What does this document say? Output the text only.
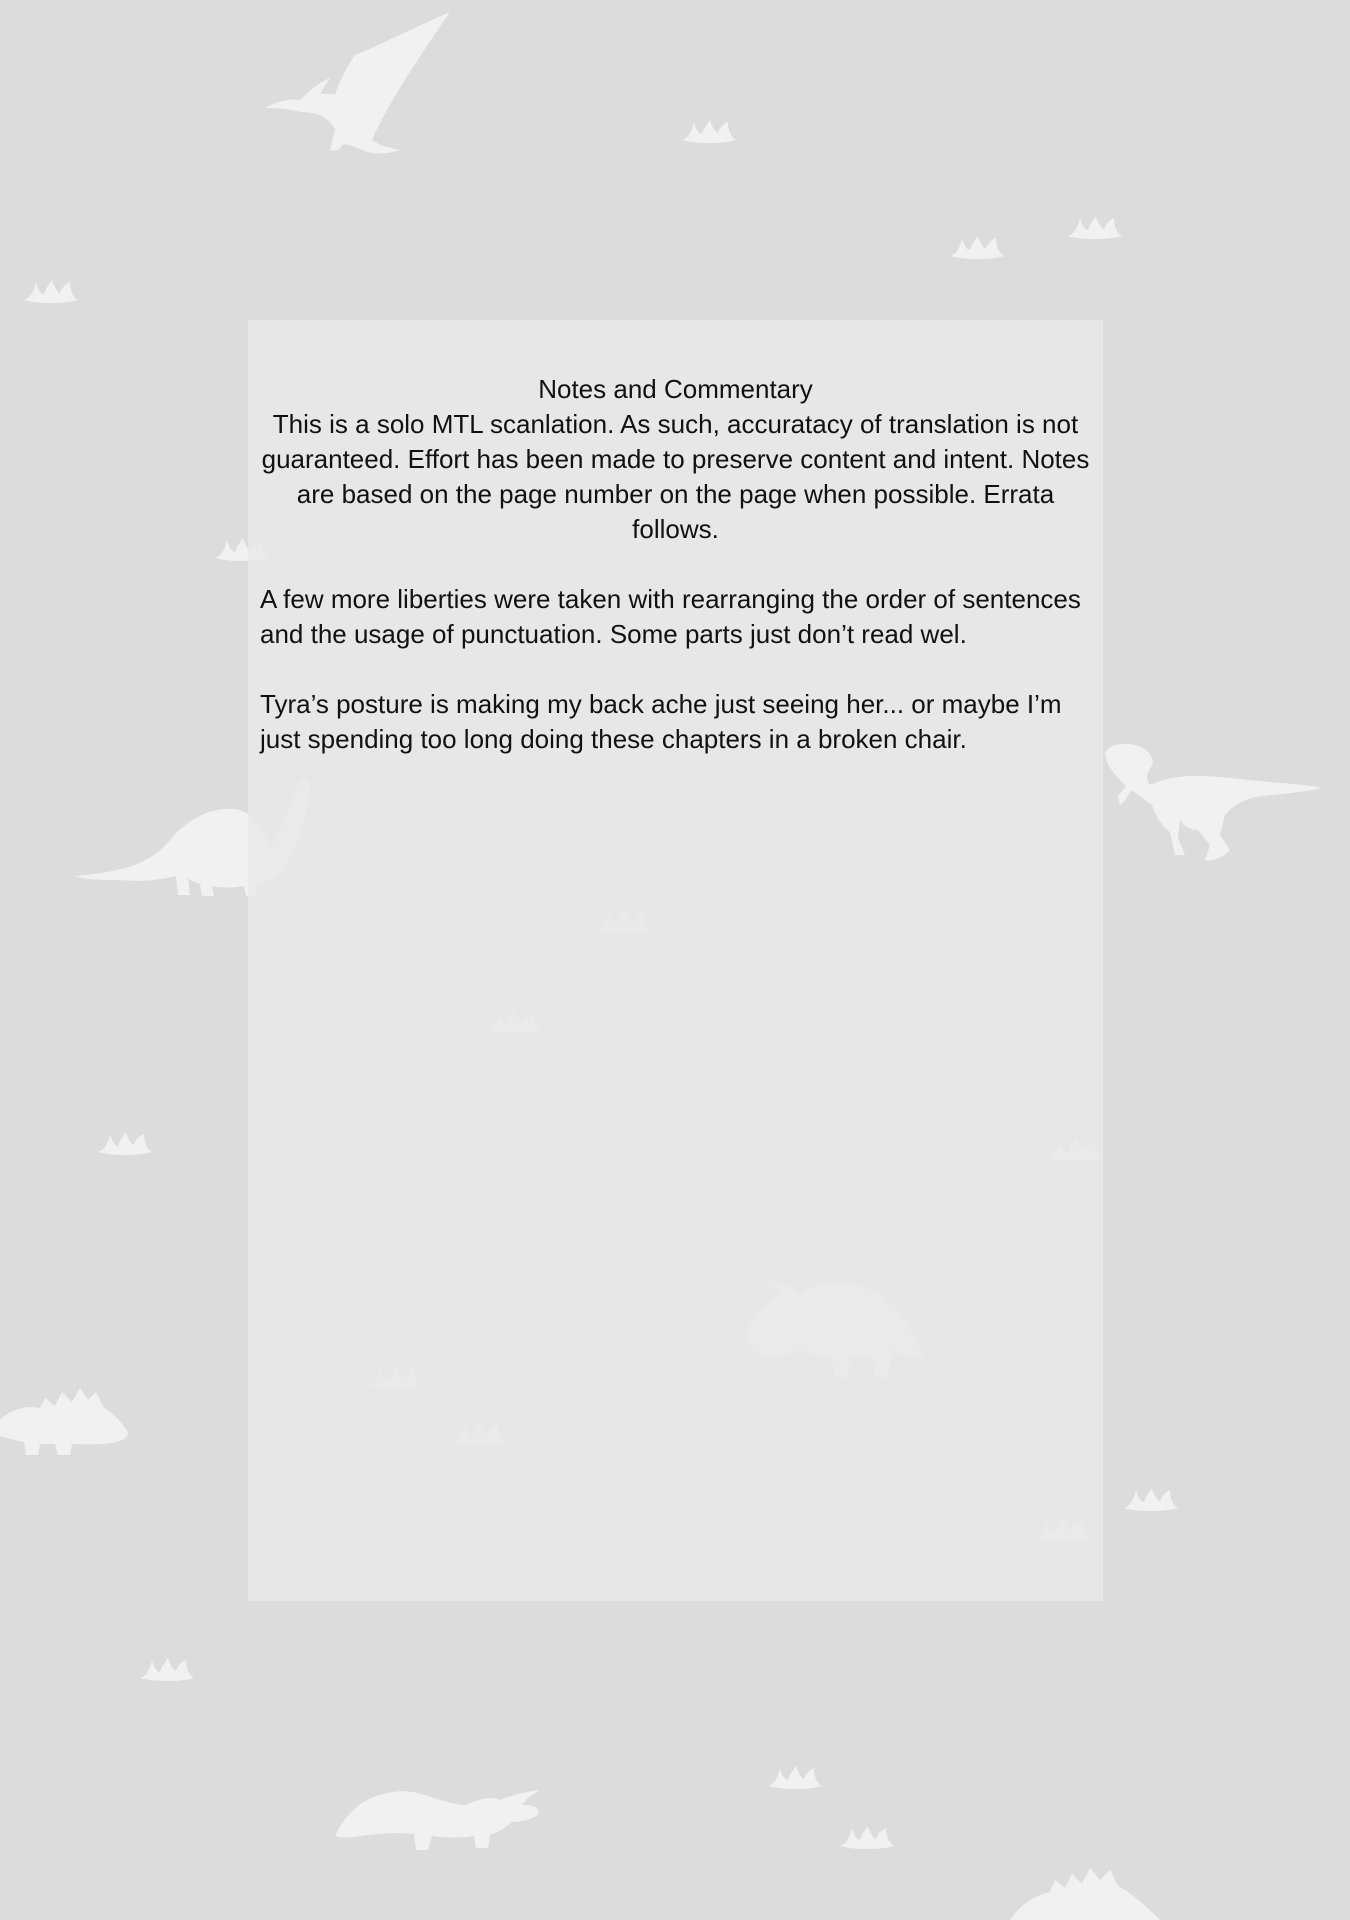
Notes and Commentary

This is a solo MTL scanlation. As such, accuratacy of translation is not guaranteed. Effort has been made to preserve content and intent. Notes are based on the page number on the page when possible. Errata follows.

A few more liberties were taken with rearranging the order of sentences and the usage of punctuation. Some parts just don’t read wel.

Tyra’s posture is making my back ache just seeing her... or maybe I’m just spending too long doing these chapters in a broken chair.
